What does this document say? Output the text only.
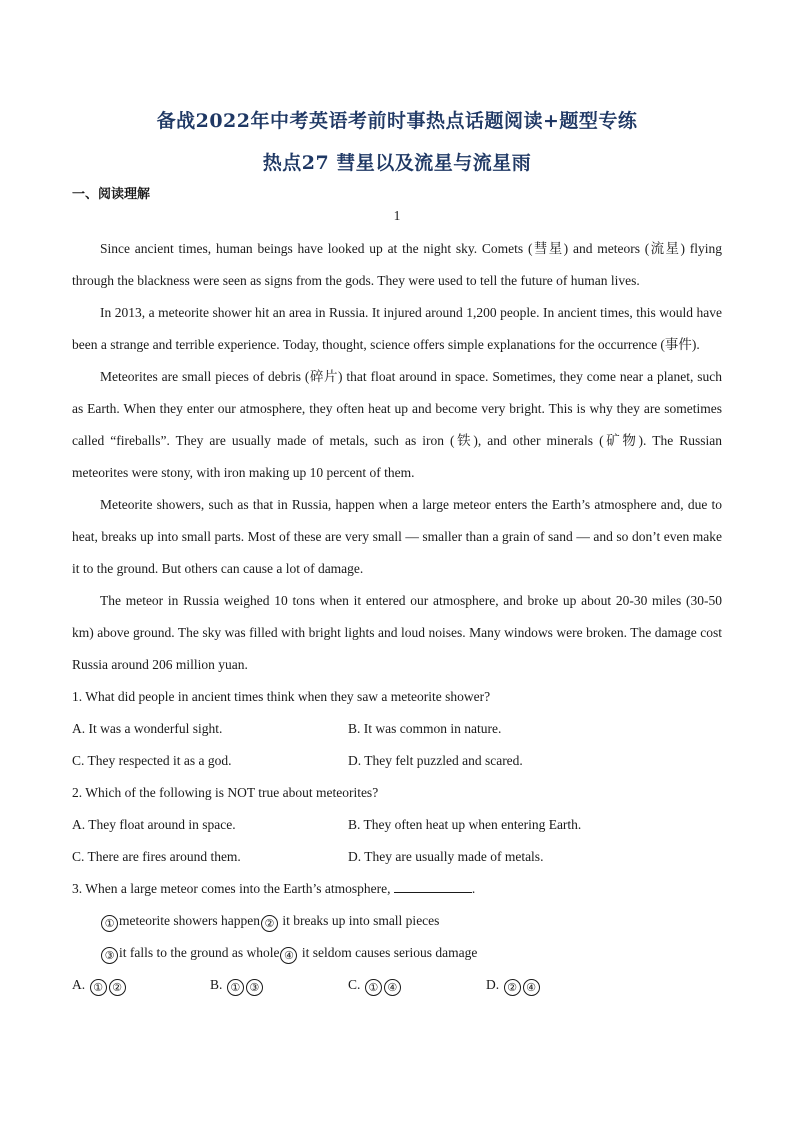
备战2022年中考英语考前时事热点话题阅读+题型专练
热点27 彗星以及流星与流星雨
一、阅读理解
1

Since ancient times, human beings have looked up at the night sky. Comets (彗星) and meteors (流星) flying through the blackness were seen as signs from the gods. They were used to tell the future of human lives.

In 2013, a meteorite shower hit an area in Russia. It injured around 1,200 people. In ancient times, this would have been a strange and terrible experience. Today, thought, science offers simple explanations for the occurrence (事件).

Meteorites are small pieces of debris (碎片) that float around in space. Sometimes, they come near a planet, such as Earth. When they enter our atmosphere, they often heat up and become very bright. This is why they are sometimes called “fireballs”. They are usually made of metals, such as iron (铁), and other minerals (矿物). The Russian meteorites were stony, with iron making up 10 percent of them.

Meteorite showers, such as that in Russia, happen when a large meteor enters the Earth’s atmosphere and, due to heat, breaks up into small parts. Most of these are very small — smaller than a grain of sand — and so don’t even make it to the ground. But others can cause a lot of damage.

The meteor in Russia weighed 10 tons when it entered our atmosphere, and broke up about 20-30 miles (30-50 km) above ground. The sky was filled with bright lights and loud noises. Many windows were broken. The damage cost Russia around 206 million yuan.

1. What did people in ancient times think when they saw a meteorite shower?

A. It was a wonderful sight.	B. It was common in nature.
C. They respected it as a god.	D. They felt puzzled and scared.

2. Which of the following is NOT true about meteorites?

A. They float around in space.	B. They often heat up when entering Earth.
C. There are fires around them.	D. They are usually made of metals.

3. When a large meteor comes into the Earth’s atmosphere,	.

① meteorite showers happen ② it breaks up into small pieces

③ it falls to the ground as whole ④ it seldom causes serious damage

A. ① ②	B. ① ③	C. ① ④	D. ② ④
